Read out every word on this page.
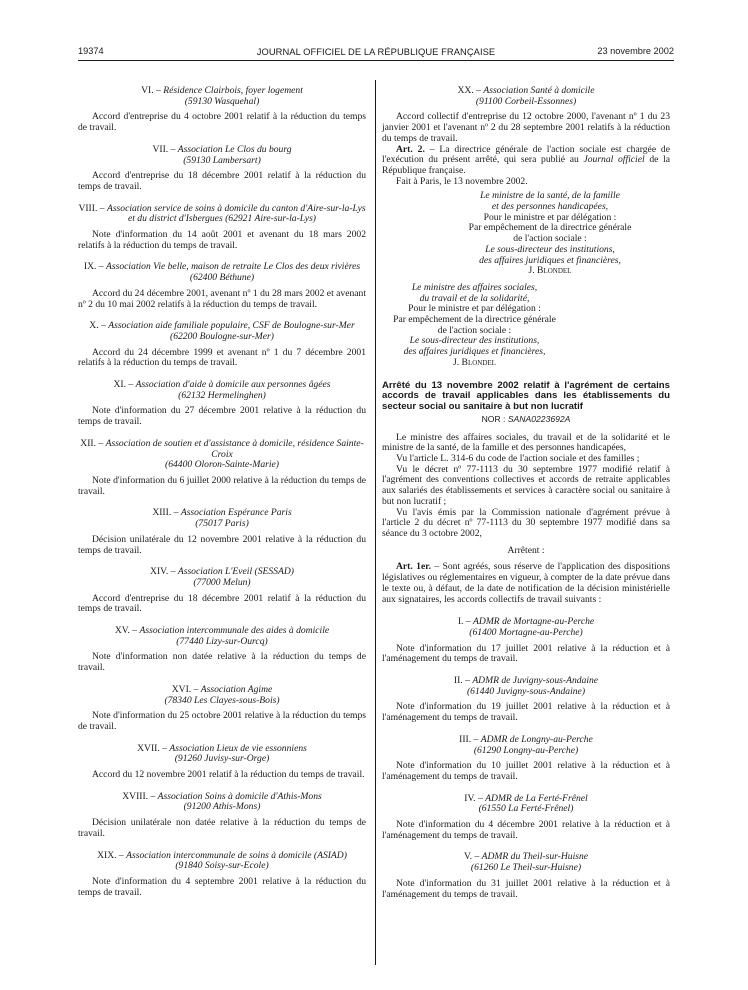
19374	JOURNAL OFFICIEL DE LA RÉPUBLIQUE FRANÇAISE	23 novembre 2002

VI. – Résidence Clairbois, foyer logement

(59130 Wasquehal)

Accord d'entreprise du 4 octobre 2001 relatif à la réduction du temps de travail.

VII. – Association Le Clos du bourg

(59130 Lambersart)

Accord d'entreprise du 18 décembre 2001 relatif à la réduction du temps de travail.

VIII. – Association service de soins à domicile du canton d'Aire-sur-la-Lys et du district d'Isbergues (62921 Aire-sur-la-Lys)

Note d'information du 14 août 2001 et avenant du 18 mars 2002 relatifs à la réduction du temps de travail.

IX. – Association Vie belle, maison de retraite Le Clos des deux rivières (62400 Béthune)

Accord du 24 décembre 2001, avenant nº 1 du 28 mars 2002 et avenant nº 2 du 10 mai 2002 relatifs à la réduction du temps de travail.

X. – Association aide familiale populaire, CSF de Boulogne-sur-Mer

(62200 Boulogne-sur-Mer)

Accord du 24 décembre 1999 et avenant nº 1 du 7 décembre 2001 relatifs à la réduction du temps de travail.

XI. – Association d'aide à domicile aux personnes âgées

(62132 Hermelinghen)

Note d'information du 27 décembre 2001 relative à la réduction du temps de travail.

XII. – Association de soutien et d'assistance à domicile, résidence Sainte-Croix

(64400 Oloron-Sainte-Marie)

Note d'information du 6 juillet 2000 relative à la réduction du temps de travail.

XIII. – Association Espérance Paris

(75017 Paris)

Décision unilatérale du 12 novembre 2001 relative à la réduction du temps de travail.

XIV. – Association L'Eveil (SESSAD)

(77000 Melun)

Accord d'entreprise du 18 décembre 2001 relatif à la réduction du temps de travail.

XV. – Association intercommunale des aides à domicile

(77440 Lizy-sur-Ourcq)

Note d'information non datée relative à la réduction du temps de travail.

XVI. – Association Agime

(78340 Les Clayes-sous-Bois)

Note d'information du 25 octobre 2001 relative à la réduction du temps de travail.

XVII. – Association Lieux de vie essonniens

(91260 Juvisy-sur-Orge)

Accord du 12 novembre 2001 relatif à la réduction du temps de travail.

XVIII. – Association Soins à domicile d'Athis-Mons

(91200 Athis-Mons)

Décision unilatérale non datée relative à la réduction du temps de travail.

XIX. – Association intercommunale de soins à domicile (ASIAD)

(91840 Soisy-sur-Ecole)

Note d'information du 4 septembre 2001 relative à la réduction du temps de travail.

XX. – Association Santé à domicile

(91100 Corbeil-Essonnes)

Accord collectif d'entreprise du 12 octobre 2000, l'avenant nº 1 du 23 janvier 2001 et l'avenant nº 2 du 28 septembre 2001 relatifs à la réduction du temps de travail.

Art. 2. – La directrice générale de l'action sociale est chargée de l'exécution du présent arrêté, qui sera publié au Journal officiel de la République française.

Fait à Paris, le 13 novembre 2002.

Le ministre de la santé, de la famille

et des personnes handicapées,

Pour le ministre et par délégation :

Par empêchement de la directrice générale

de l'action sociale :

Le sous-directeur des institutions,

des affaires juridiques et financières,

J. Blondel

Le ministre des affaires sociales,

du travail et de la solidarité,

Pour le ministre et par délégation :

Par empêchement de la directrice générale

de l'action sociale :

Le sous-directeur des institutions,

des affaires juridiques et financières,

J. Blondel

Arrêté du 13 novembre 2002 relatif à l'agrément de certains accords de travail applicables dans les établissements du secteur social ou sanitaire à but non lucratif

NOR : SANA0223692A

Le ministre des affaires sociales, du travail et de la solidarité et le ministre de la santé, de la famille et des personnes handicapées,

Vu l'article L. 314-6 du code de l'action sociale et des familles ;

Vu le décret nº 77-1113 du 30 septembre 1977 modifié relatif à l'agrément des conventions collectives et accords de retraite applicables aux salariés des établissements et services à caractère social ou sanitaire à but non lucratif ;

Vu l'avis émis par la Commission nationale d'agrément prévue à l'article 2 du décret nº 77-1113 du 30 septembre 1977 modifié dans sa séance du 3 octobre 2002,

Arrêtent :

Art. 1er. – Sont agréés, sous réserve de l'application des dispositions législatives ou réglementaires en vigueur, à compter de la date prévue dans le texte ou, à défaut, de la date de notification de la décision ministérielle aux signataires, les accords collectifs de travail suivants :

I. – ADMR de Mortagne-au-Perche

(61400 Mortagne-au-Perche)

Note d'information du 17 juillet 2001 relative à la réduction et à l'aménagement du temps de travail.

II. – ADMR de Juvigny-sous-Andaine

(61440 Juvigny-sous-Andaine)

Note d'information du 19 juillet 2001 relative à la réduction et à l'aménagement du temps de travail.

III. – ADMR de Longny-au-Perche

(61290 Longny-au-Perche)

Note d'information du 10 juillet 2001 relative à la réduction et à l'aménagement du temps de travail.

IV. – ADMR de La Ferté-Frênel

(61550 La Ferté-Frênel)

Note d'information du 4 décembre 2001 relative à la réduction et à l'aménagement du temps de travail.

V. – ADMR du Theil-sur-Huisne

(61260 Le Theil-sur-Huisne)

Note d'information du 31 juillet 2001 relative à la réduction et à l'aménagement du temps de travail.
